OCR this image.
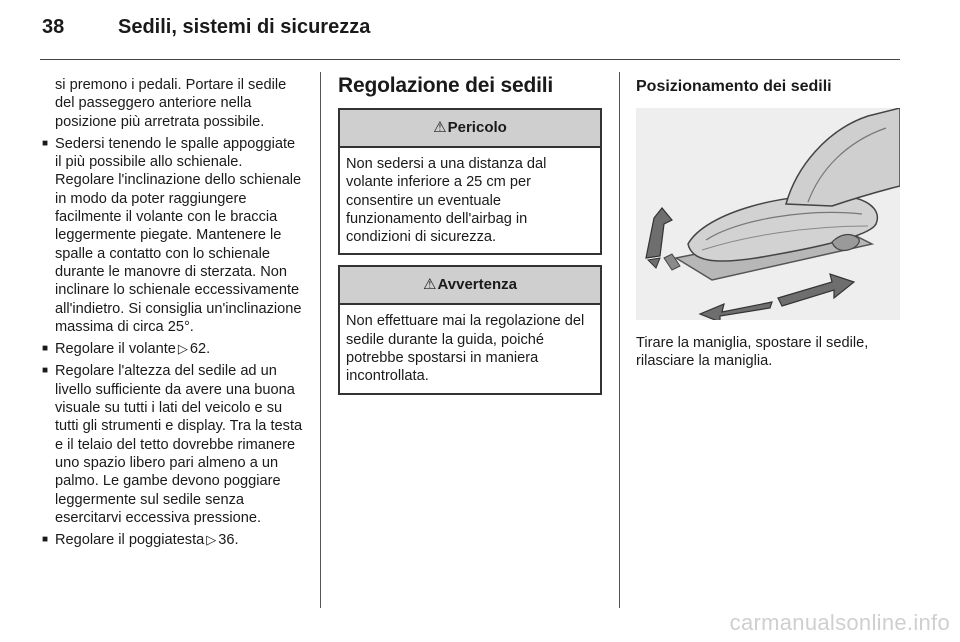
38	Sedili, sistemi di sicurezza

si premono i pedali. Portare il sedile del passeggero anteriore nella posizione più arretrata possibile.

■ Sedersi tenendo le spalle appoggiate il più possibile allo schienale. Regolare l'inclinazione dello schienale in modo da poter raggiungere facilmente il volante con le braccia leggermente piegate. Mantenere le spalle a contatto con lo schienale durante le manovre di sterzata. Non inclinare lo schienale eccessivamente all'indietro. Si consiglia un'inclinazione massima di circa 25°.
■ Regolare il volante ▷ 62.
■ Regolare l'altezza del sedile ad un livello sufficiente da avere una buona visuale su tutti i lati del veicolo e su tutti gli strumenti e display. Tra la testa e il telaio del tetto dovrebbe rimanere uno spazio libero pari almeno a un palmo. Le gambe devono poggiare leggermente sul sedile senza esercitarvi eccessiva pressione.
■ Regolare il poggiatesta ▷ 36.
Regolazione dei sedili
⚠Pericolo
Non sedersi a una distanza dal volante inferiore a 25 cm per consentire un eventuale funzionamento dell'airbag in condizioni di sicurezza.
⚠Avvertenza
Non effettuare mai la regolazione del sedile durante la guida, poiché potrebbe spostarsi in maniera incontrollata.
Posizionamento dei sedili
Tirare la maniglia, spostare il sedile, rilasciare la maniglia.
carmanualsonline.info
